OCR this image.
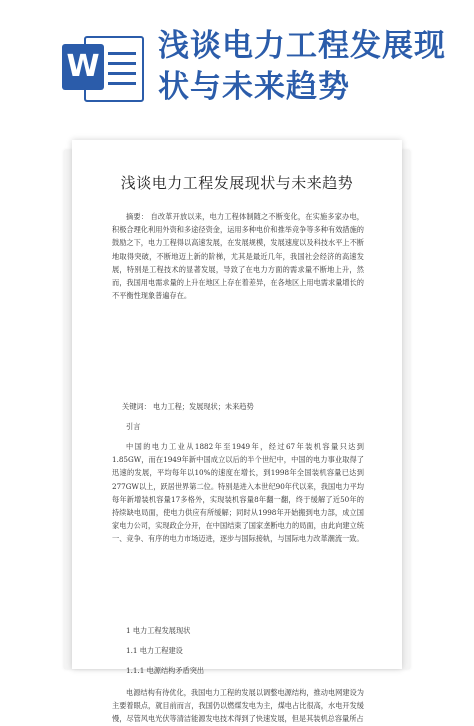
W
浅谈电力工程发展现状与未来趋势
浅谈电力工程发展现状与未来趋势
摘要： 自改革开放以来，电力工程体制随之不断变化，在实施多家办电，积极合理化利用外资和多途径资金，运用多种电价和推举竞争等多种有效措施的鼓励之下，电力工程得以高速发展，在发展规模，发展速度以及科技水平上不断地取得突破，不断地迈上新的阶梯，尤其是最近几年，我国社会经济的高速发展，特别是工程技术的显著发展，导致了在电力方面的需求量不断地上升，然而，我国用电需求量的上升在地区上存在着差异，在各地区上用电需求量增长的不平衡性现象普遍存在。
关键词： 电力工程；发展现状；未来趋势
引言
中国的电力工业从1882年至1949年，经过67年装机容量只达到1.85GW，而在1949年新中国成立以后的半个世纪中，中国的电力事业取得了迅速的发展，平均每年以10%的速度在增长，到1998年全国装机容量已达到277GW以上，跃居世界第二位。特别是进入本世纪90年代以来，我国电力平均每年新增装机容量17多格外，实现装机容量8年翻一翻，终于缓解了近50年的持续缺电局面，使电力供应有所缓解；同时从1998年开始搬到电力部，成立国家电力公司，实现政企分开，在中国结束了国家垄断电力的局面，由此向建立统一、竞争、有序的电力市场迈进，逐步与国际接轨，与国际电力改革潮流一致。
1 电力工程发展现状
1.1 电力工程建设
1.1.1 电源结构矛盾突出
电源结构有待优化，我国电力工程的发展以调整电源结构，推动电网建设为主要着眼点，就目前而言，我国仍以燃煤发电为主，煤电占比很高，水电开发缓慢，尽管风电光伏等清洁能源发电技术得到了快速发展，但是其装机总容量所占
